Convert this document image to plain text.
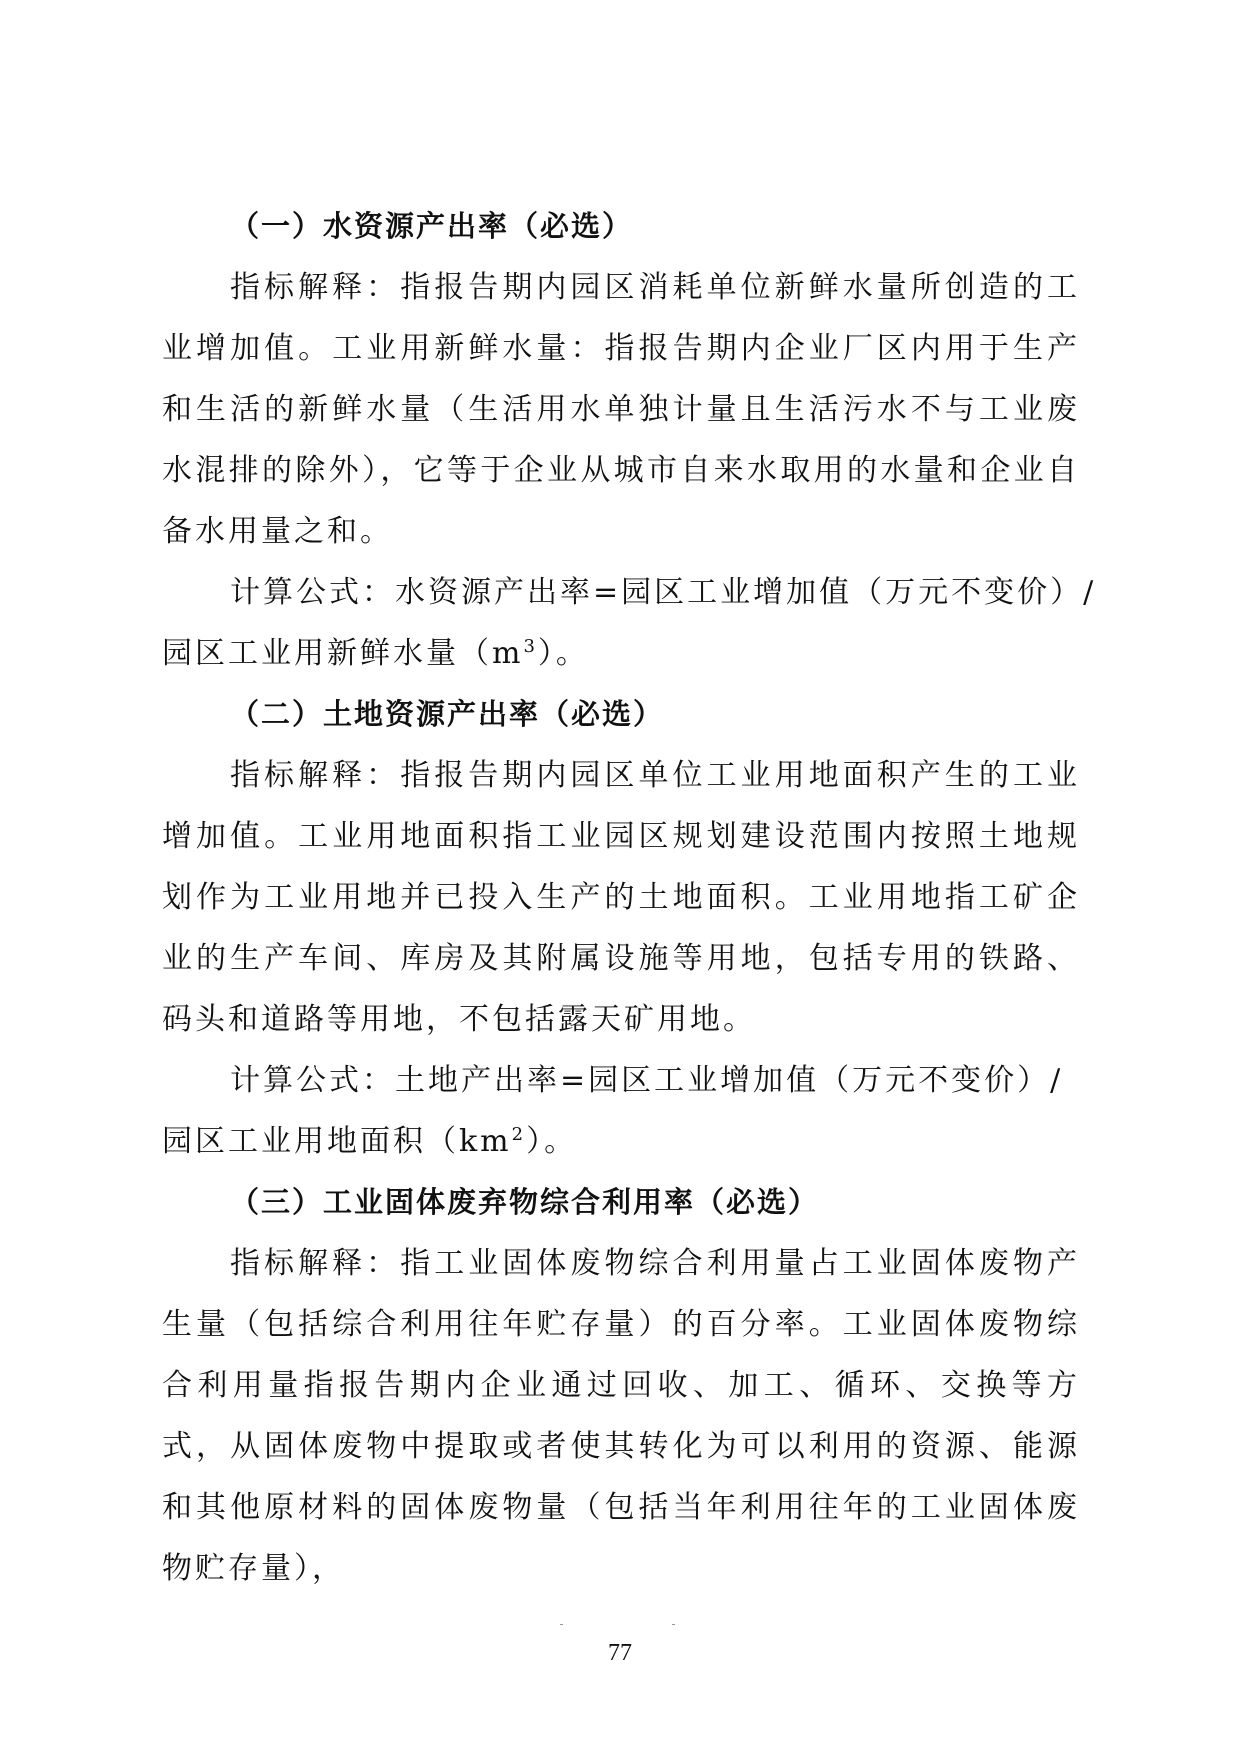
（一）水资源产出率（必选）

指标解释：指报告期内园区消耗单位新鲜水量所创造的工业增加值。工业用新鲜水量：指报告期内企业厂区内用于生产和生活的新鲜水量（生活用水单独计量且生活污水不与工业废水混排的除外），它等于企业从城市自来水取用的水量和企业自备水用量之和。

计算公式：水资源产出率=园区工业增加值（万元不变价）/

园区工业用新鲜水量$(m^3)$。

（二）土地资源产出率（必选）

指标解释：指报告期内园区单位工业用地面积产生的工业增加值。工业用地面积指工业园区规划建设范围内按照土地规划作为工业用地并已投入生产的土地面积。工业用地指工矿企业的生产车间、库房及其附属设施等用地，包括专用的铁路、码头和道路等用地，不包括露天矿用地。

计算公式：土地产出率=园区工业增加值（万元不变价）/

园区工业用地面积$(km^2)$。

（三）工业固体废弃物综合利用率（必选）

指标解释：指工业固体废物综合利用量占工业固体废物产生量（包括综合利用往年贮存量）的百分率。工业固体废物综合利用量指报告期内企业通过回收、加工、循环、交换等方式，从固体废物中提取或者使其转化为可以利用的资源、能源和其他原材料的固体废物量（包括当年利用往年的工业固体废物贮存量），

77
